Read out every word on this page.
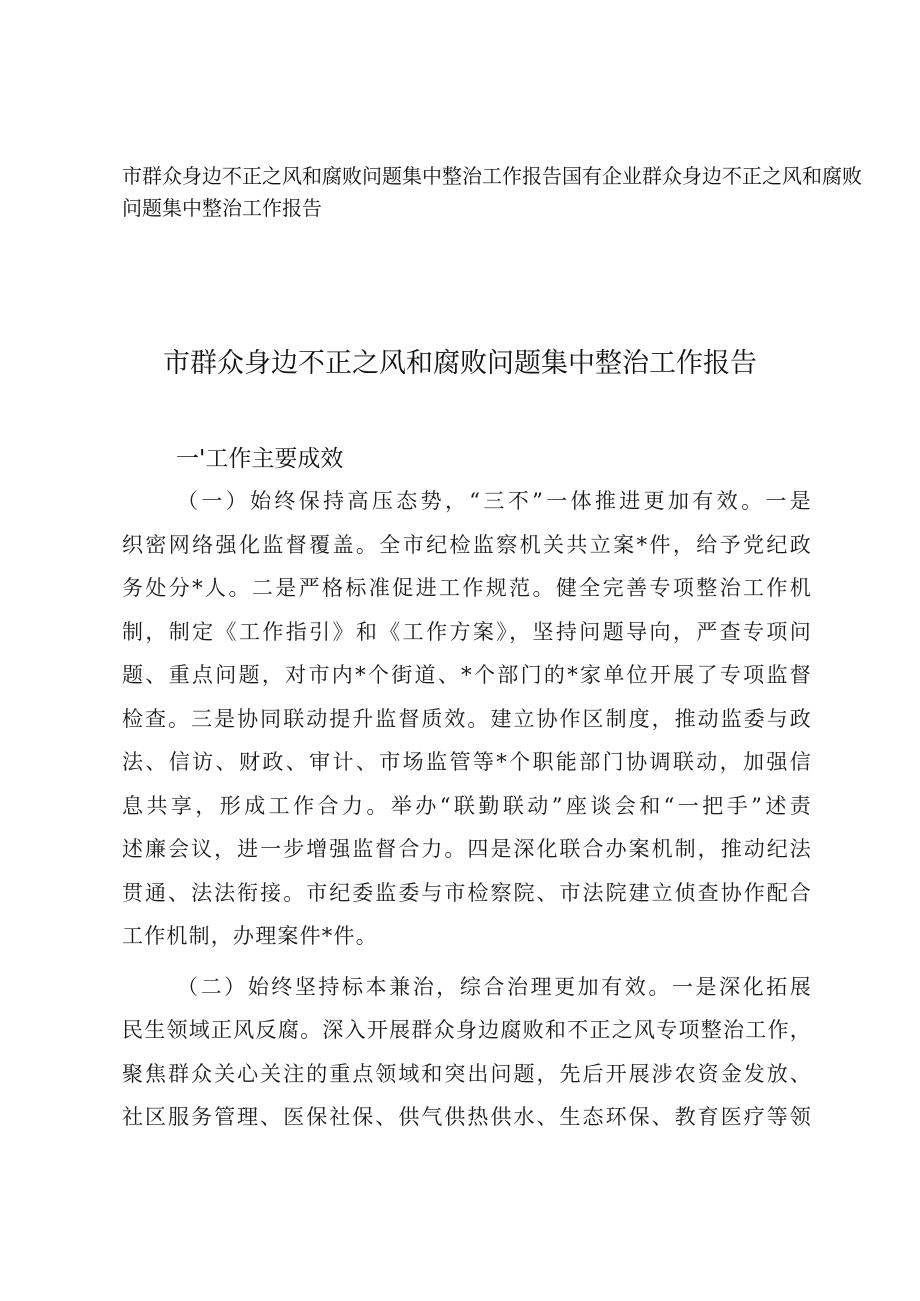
市群众身边不正之风和腐败问题集中整治工作报告国有企业群众身边不正之风和腐败
问题集中整治工作报告
市群众身边不正之风和腐败问题集中整治工作报告
一'工作主要成效

（一）始终保持高压态势，“三不”一体推进更加有效。一是
织密网络强化监督覆盖。全市纪检监察机关共立案*件，给予党纪政
务处分*人。二是严格标准促进工作规范。健全完善专项整治工作机
制，制定《工作指引》和《工作方案》，坚持问题导向，严查专项问
题、重点问题，对市内*个街道、*个部门的*家单位开展了专项监督
检查。三是协同联动提升监督质效。建立协作区制度，推动监委与政
法、信访、财政、审计、市场监管等*个职能部门协调联动，加强信
息共享，形成工作合力。举办“联勤联动”座谈会和“一把手”述责
述廉会议，进一步增强监督合力。四是深化联合办案机制，推动纪法
贯通、法法衔接。市纪委监委与市检察院、市法院建立侦查协作配合
工作机制，办理案件*件。

（二）始终坚持标本兼治，综合治理更加有效。一是深化拓展
民生领域正风反腐。深入开展群众身边腐败和不正之风专项整治工作，
聚焦群众关心关注的重点领域和突出问题，先后开展涉农资金发放、
社区服务管理、医保社保、供气供热供水、生态环保、教育医疗等领
